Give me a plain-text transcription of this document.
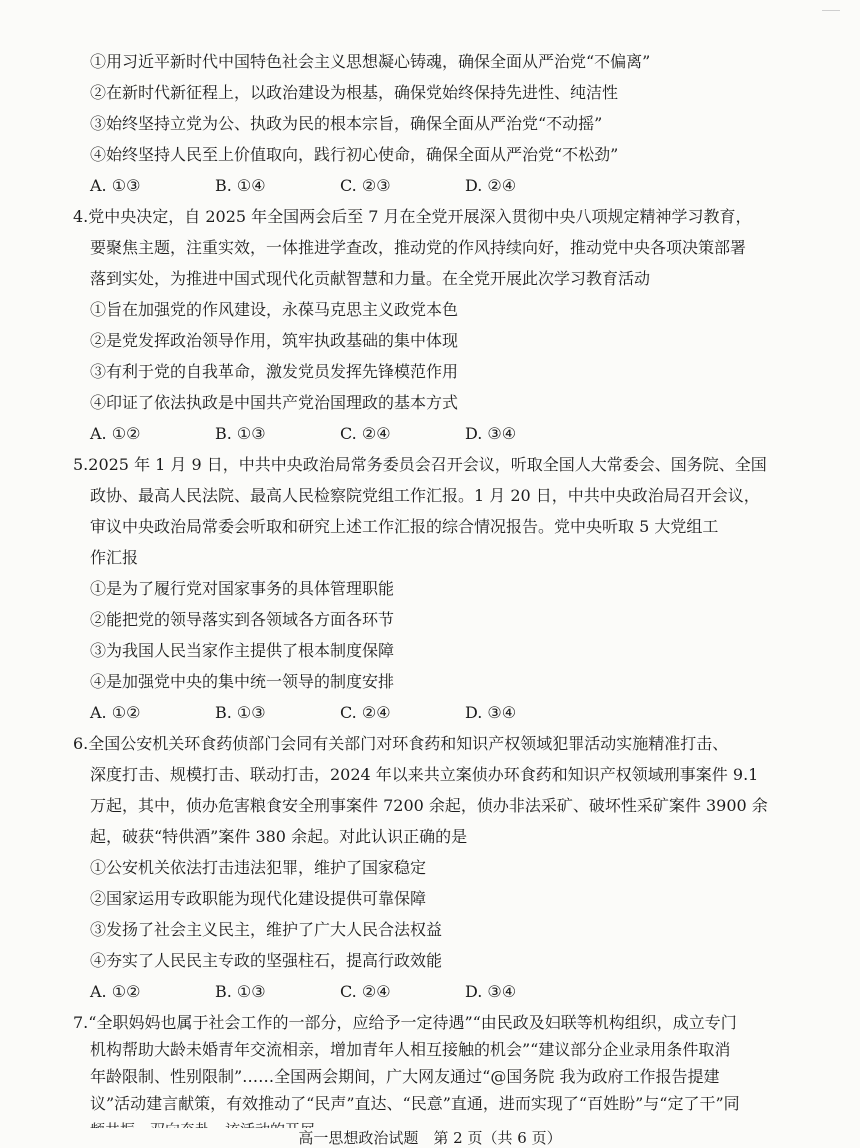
①用习近平新时代中国特色社会主义思想凝心铸魂，确保全面从严治党“不偏离”
②在新时代新征程上，以政治建设为根基，确保党始终保持先进性、纯洁性
③始终坚持立党为公、执政为民的根本宗旨，确保全面从严治党“不动摇”
④始终坚持人民至上价值取向，践行初心使命，确保全面从严治党“不松劲”
A. ①③	B. ①④	C. ②③	D. ②④
4.党中央决定，自 2025 年全国两会后至 7 月在全党开展深入贯彻中央八项规定精神学习教育，
要聚焦主题，注重实效，一体推进学查改，推动党的作风持续向好，推动党中央各项决策部署
落到实处，为推进中国式现代化贡献智慧和力量。在全党开展此次学习教育活动
①旨在加强党的作风建设，永葆马克思主义政党本色
②是党发挥政治领导作用，筑牢执政基础的集中体现
③有利于党的自我革命，激发党员发挥先锋模范作用
④印证了依法执政是中国共产党治国理政的基本方式
A. ①②	B. ①③	C. ②④	D. ③④
5.2025 年 1 月 9 日，中共中央政治局常务委员会召开会议，听取全国人大常委会、国务院、全国
政协、最高人民法院、最高人民检察院党组工作汇报。1 月 20 日，中共中央政治局召开会议，
审议中央政治局常委会听取和研究上述工作汇报的综合情况报告。党中央听取 5 大党组工
作汇报
①是为了履行党对国家事务的具体管理职能
②能把党的领导落实到各领域各方面各环节
③为我国人民当家作主提供了根本制度保障
④是加强党中央的集中统一领导的制度安排
A. ①②	B. ①③	C. ②④	D. ③④
6.全国公安机关环食药侦部门会同有关部门对环食药和知识产权领域犯罪活动实施精准打击、
深度打击、规模打击、联动打击，2024 年以来共立案侦办环食药和知识产权领域刑事案件 9.1
万起，其中，侦办危害粮食安全刑事案件 7200 余起，侦办非法采矿、破坏性采矿案件 3900 余
起，破获“特供酒”案件 380 余起。对此认识正确的是
①公安机关依法打击违法犯罪，维护了国家稳定
②国家运用专政职能为现代化建设提供可靠保障
③发扬了社会主义民主，维护了广大人民合法权益
④夯实了人民民主专政的坚强柱石，提高行政效能
A. ①②	B. ①③	C. ②④	D. ③④
7.“全职妈妈也属于社会工作的一部分，应给予一定待遇”“由民政及妇联等机构组织，成立专门
机构帮助大龄未婚青年交流相亲，增加青年人相互接触的机会”“建议部分企业录用条件取消
年龄限制、性别限制”……全国两会期间，广大网友通过“@国务院 我为政府工作报告提建
议”活动建言献策，有效推动了“民声”直达、“民意”直通，进而实现了“百姓盼”与“定了干”同
高一思想政治试题　第 2 页（共 6 页）
